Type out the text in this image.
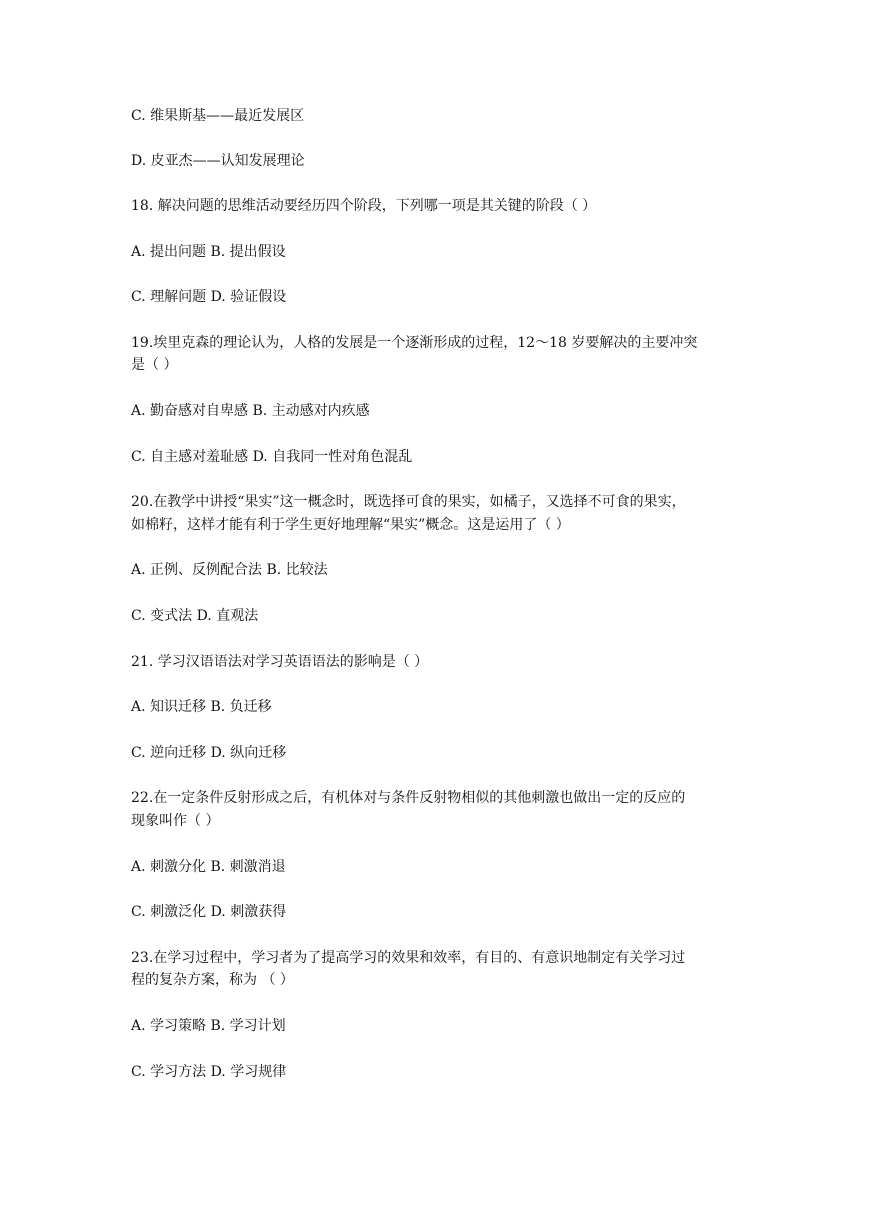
C. 维果斯基——最近发展区
D. 皮亚杰——认知发展理论
18. 解决问题的思维活动要经历四个阶段，下列哪一项是其关键的阶段（ ）
A. 提出问题 B. 提出假设
C. 理解问题 D. 验证假设
19.埃里克森的理论认为，人格的发展是一个逐渐形成的过程，12～18 岁要解决的主要冲突
是（ ）
A. 勤奋感对自卑感 B. 主动感对内疚感
C. 自主感对羞耻感 D. 自我同一性对角色混乱
20.在教学中讲授“果实”这一概念时，既选择可食的果实，如橘子，又选择不可食的果实，
如棉籽，这样才能有利于学生更好地理解“果实”概念。这是运用了（ ）
A. 正例、反例配合法 B. 比较法
C. 变式法 D. 直观法
21. 学习汉语语法对学习英语语法的影响是（ ）
A. 知识迁移 B. 负迁移
C. 逆向迁移 D. 纵向迁移
22.在一定条件反射形成之后，有机体对与条件反射物相似的其他刺激也做出一定的反应的
现象叫作（ ）
A. 刺激分化 B. 刺激消退
C. 刺激泛化 D. 刺激获得
23.在学习过程中，学习者为了提高学习的效果和效率，有目的、有意识地制定有关学习过
程的复杂方案，称为 （ ）
A. 学习策略 B. 学习计划
C. 学习方法 D. 学习规律
